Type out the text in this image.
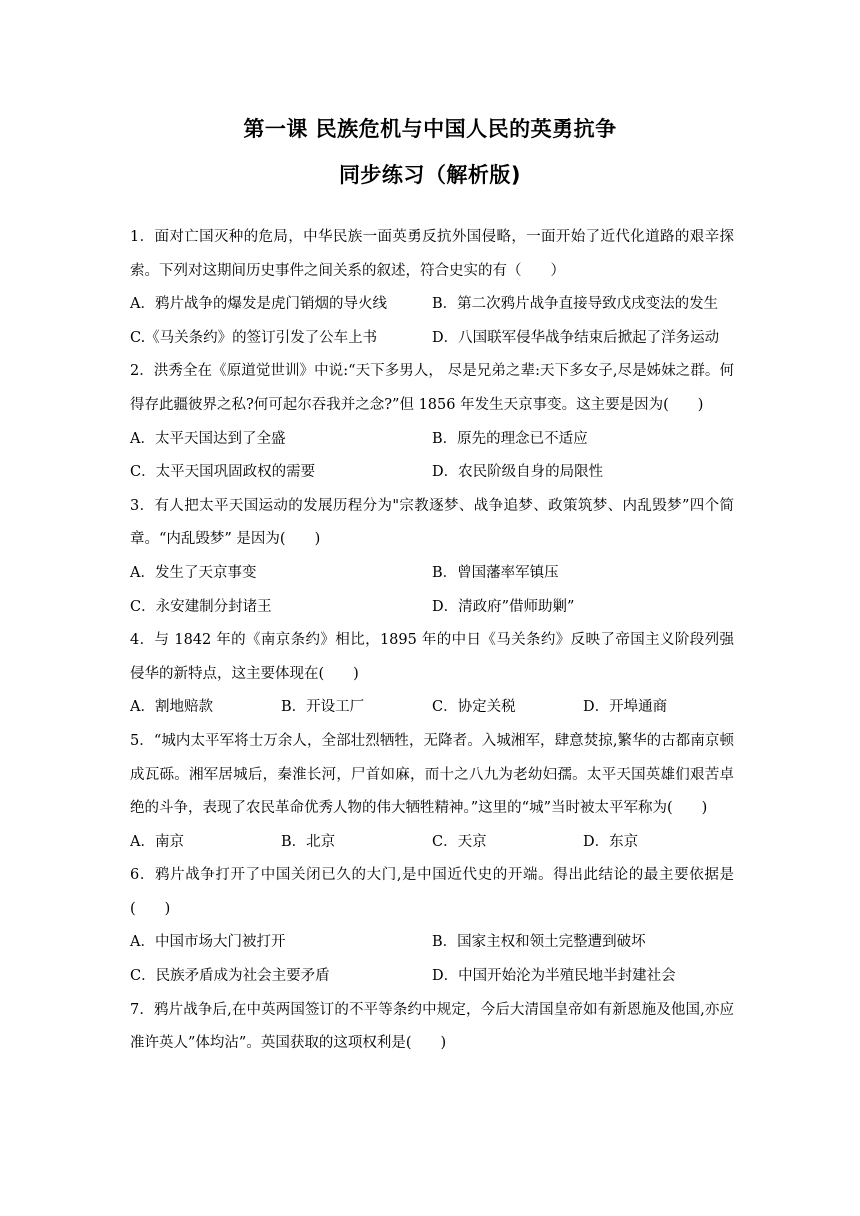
第一课 民族危机与中国人民的英勇抗争
同步练习（解析版)
1．面对亡国灭种的危局，中华民族一面英勇反抗外国侵略，一面开始了近代化道路的艰辛探索。下列对这期间历史事件之间关系的叙述，符合史实的有（　　）
A．鸦片战争的爆发是虎门销烟的导火线	B．第二次鸦片战争直接导致戊戌变法的发生
C.《马关条约》的签订引发了公车上书	D．八国联军侵华战争结束后掀起了洋务运动
2．洪秀全在《原道觉世训》中说:“天下多男人， 尽是兄弟之辈:天下多女子,尽是姊妹之群。何得存此疆彼界之私?何可起尔吞我并之念?”但 1856 年发生天京事变。这主要是因为(　　)
A．太平天国达到了全盛	B．原先的理念已不适应
C．太平天国巩固政权的需要	D．农民阶级自身的局限性
3．有人把太平天国运动的发展历程分为"宗教逐梦、战争追梦、政策筑梦、内乱毁梦”四个简章。“内乱毁梦” 是因为(　　)
A．发生了天京事变	B．曾国藩率军镇压
C．永安建制分封诸王	D．清政府”借师助剿”
4．与 1842 年的《南京条约》相比，1895 年的中日《马关条约》反映了帝国主义阶段列强侵华的新特点，这主要体现在(　　)
A．割地赔款	B．开设工厂	C．协定关税	D．开埠通商
5．“城内太平军将士万余人，全部壮烈牺牲，无降者。入城湘军，肆意焚掠,繁华的古都南京顿成瓦砾。湘军居城后，秦淮长河，尸首如麻，而十之八九为老幼妇孺。太平天国英雄们艰苦卓绝的斗争，表现了农民革命优秀人物的伟大牺牲精神。”这里的“城”当时被太平军称为(　　)
A．南京	B．北京	C．天京	D．东京
6．鸦片战争打开了中国关闭已久的大门,是中国近代史的开端。得出此结论的最主要依据是(　　)
A．中国市场大门被打开	B．国家主权和领土完整遭到破坏
C．民族矛盾成为社会主要矛盾	D．中国开始沦为半殖民地半封建社会
7．鸦片战争后,在中英两国签订的不平等条约中规定，今后大清国皇帝如有新恩施及他国,亦应准许英人”体均沾”。英国获取的这项权利是(　　)
